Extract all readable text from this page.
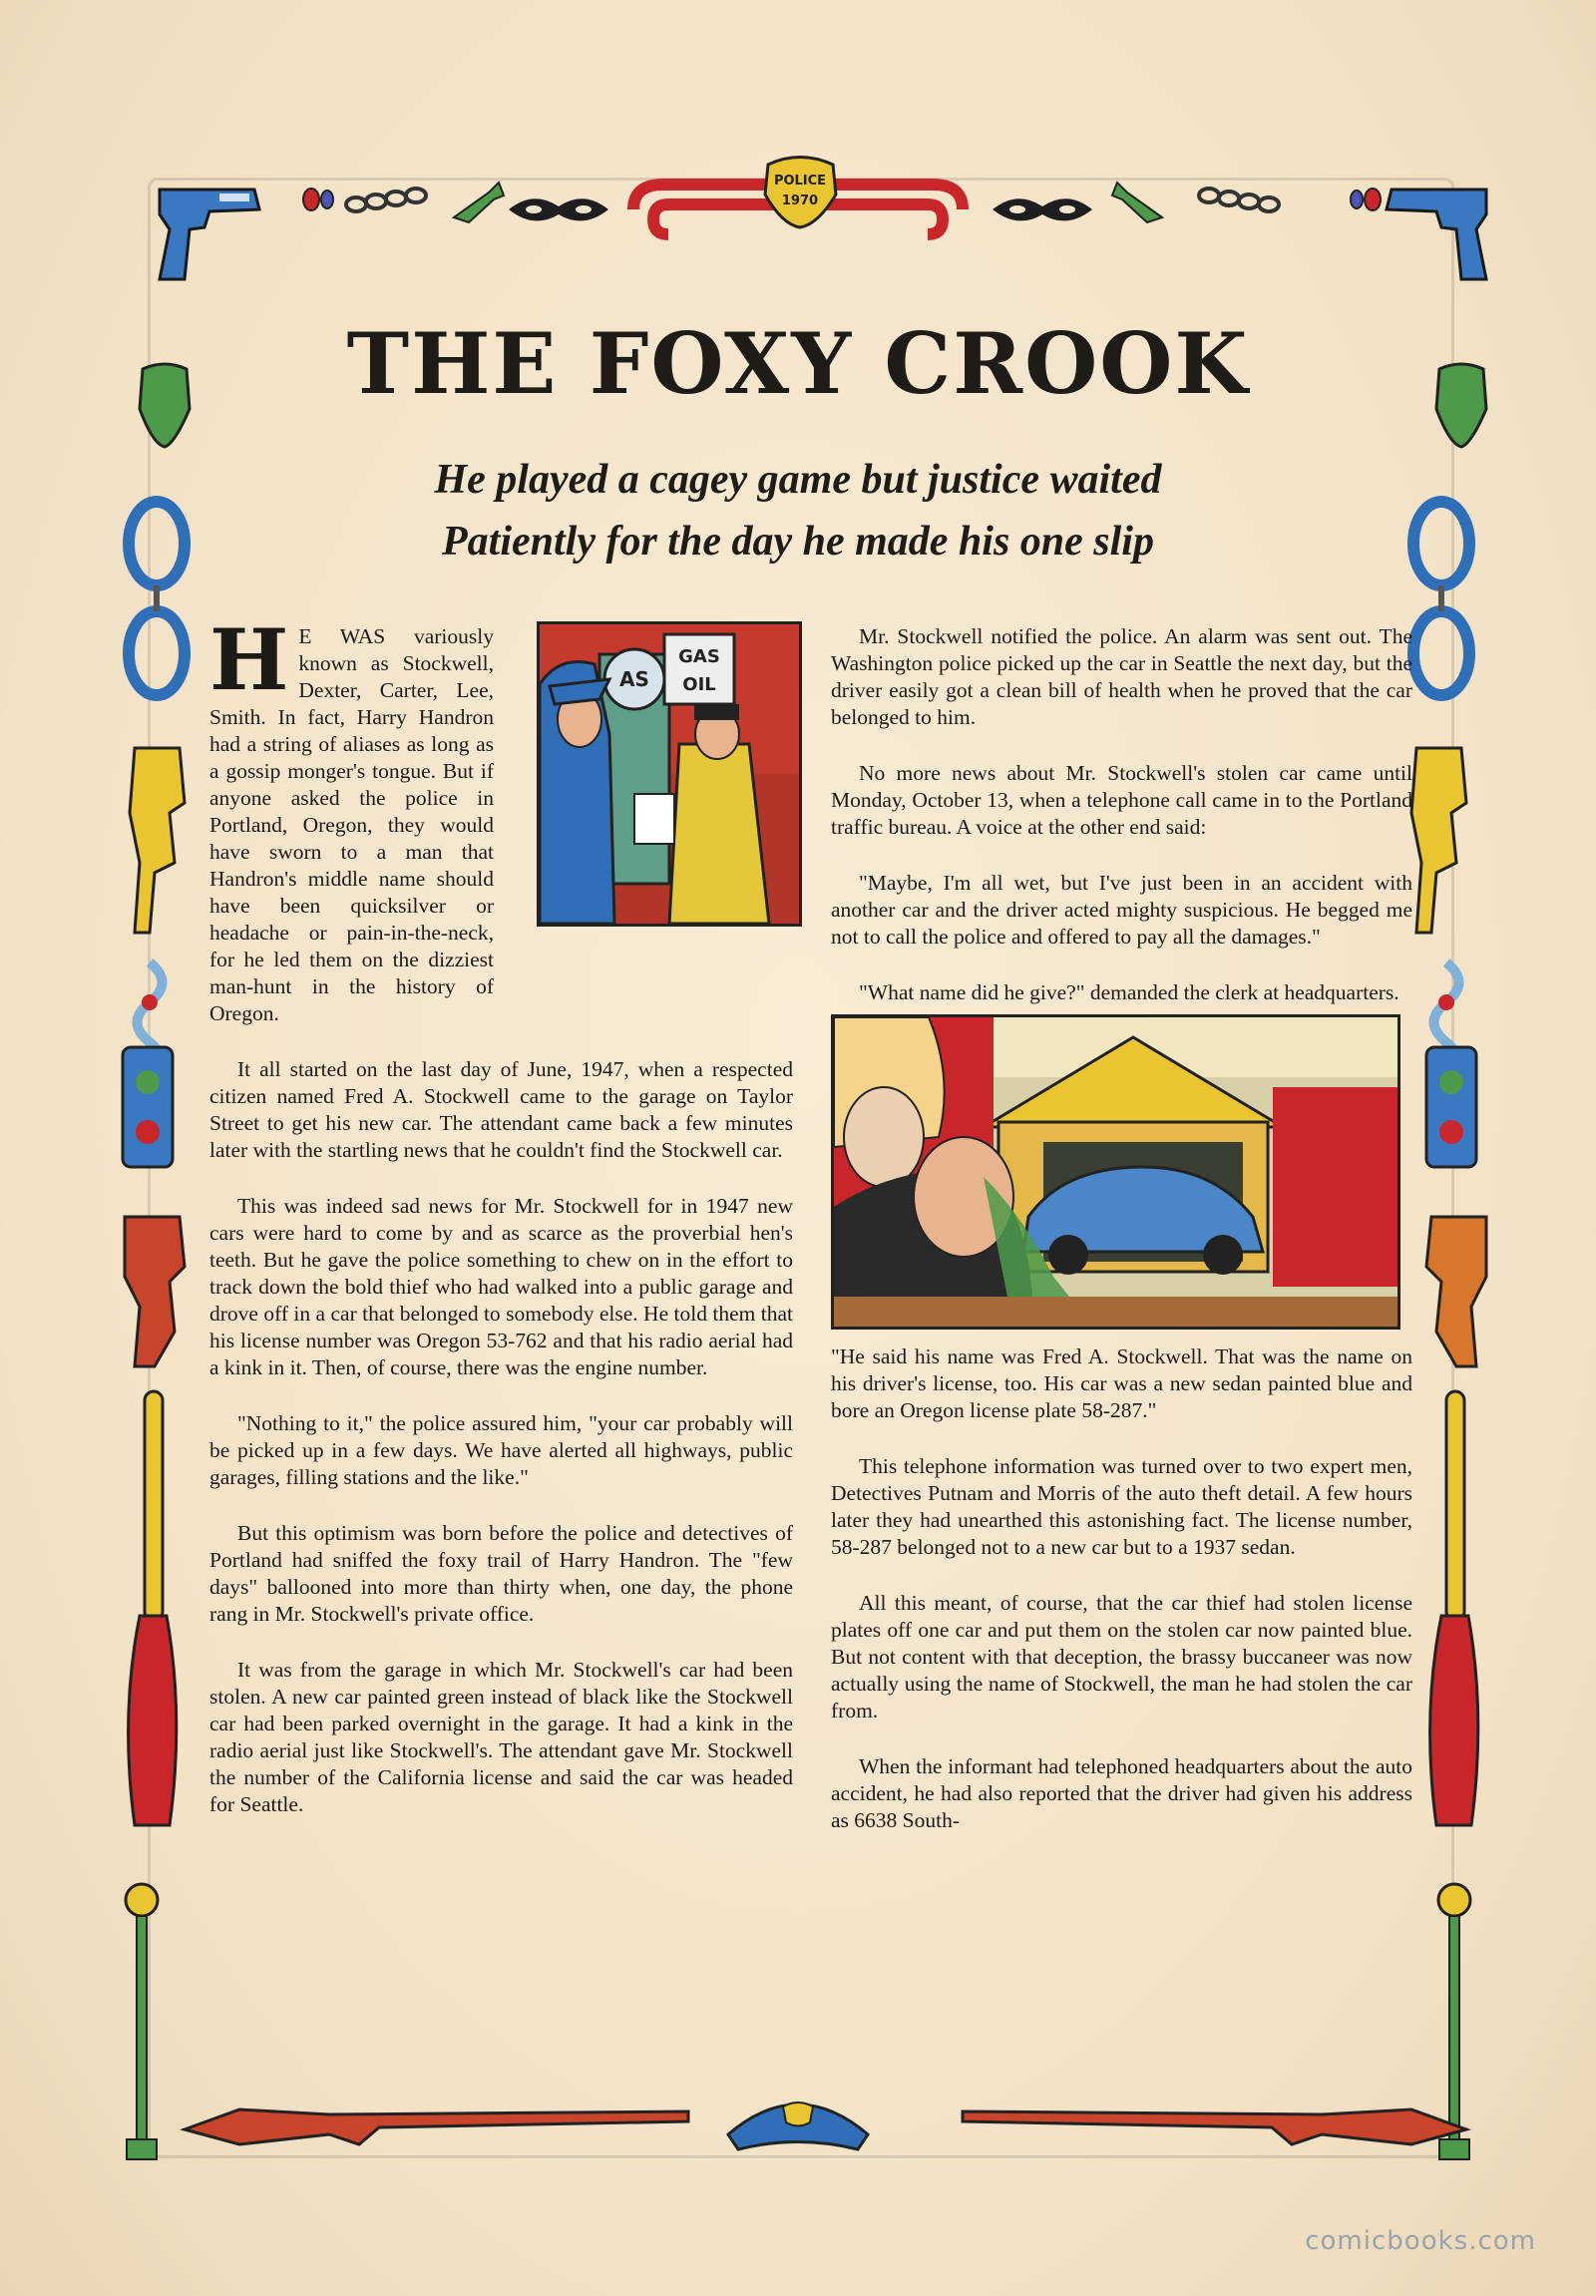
POLICE
1970
THE FOXY CROOK
He played a cagey game but justice waited
Patiently for the day he made his one slip
AS
GAS
OIL

H E WAS variously known as Stockwell, Dexter, Carter, Lee, Smith. In fact, Harry Handron had a string of aliases as long as a gossip monger's tongue. But if anyone asked the police in Portland, Oregon, they would have sworn to a man that Handron's middle name should have been quicksilver or headache or pain-in-the-neck, for he led them on the dizziest man-hunt in the history of Oregon.

It all started on the last day of June, 1947, when a respected citizen named Fred A. Stockwell came to the garage on Taylor Street to get his new car. The attendant came back a few minutes later with the startling news that he couldn't find the Stockwell car.

This was indeed sad news for Mr. Stockwell for in 1947 new cars were hard to come by and as scarce as the proverbial hen's teeth. But he gave the police something to chew on in the effort to track down the bold thief who had walked into a public garage and drove off in a car that belonged to somebody else. He told them that his license number was Oregon 53-762 and that his radio aerial had a kink in it. Then, of course, there was the engine number.

"Nothing to it," the police assured him, "your car probably will be picked up in a few days. We have alerted all highways, public garages, filling stations and the like."

But this optimism was born before the police and detectives of Portland had sniffed the foxy trail of Harry Handron. The "few days" ballooned into more than thirty when, one day, the phone rang in Mr. Stockwell's private office.

It was from the garage in which Mr. Stockwell's car had been stolen. A new car painted green instead of black like the Stockwell car had been parked overnight in the garage. It had a kink in the radio aerial just like Stockwell's. The attendant gave Mr. Stockwell the number of the California license and said the car was headed for Seattle.

Mr. Stockwell notified the police. An alarm was sent out. The Washington police picked up the car in Seattle the next day, but the driver easily got a clean bill of health when he proved that the car belonged to him.

No more news about Mr. Stockwell's stolen car came until Monday, October 13, when a telephone call came in to the Portland traffic bureau. A voice at the other end said:

"Maybe, I'm all wet, but I've just been in an accident with another car and the driver acted mighty suspicious. He begged me not to call the police and offered to pay all the damages."

"What name did he give?" demanded the clerk at headquarters.

"He said his name was Fred A. Stockwell. That was the name on his driver's license, too. His car was a new sedan painted blue and bore an Oregon license plate 58-287."

This telephone information was turned over to two expert men, Detectives Putnam and Morris of the auto theft detail. A few hours later they had unearthed this astonishing fact. The license number, 58-287 belonged not to a new car but to a 1937 sedan.

All this meant, of course, that the car thief had stolen license plates off one car and put them on the stolen car now painted blue. But not content with that deception, the brassy buccaneer was now actually using the name of Stockwell, the man he had stolen the car from.

When the informant had telephoned headquarters about the auto accident, he had also reported that the driver had given his address as 6638 South-

comicbooks.com
